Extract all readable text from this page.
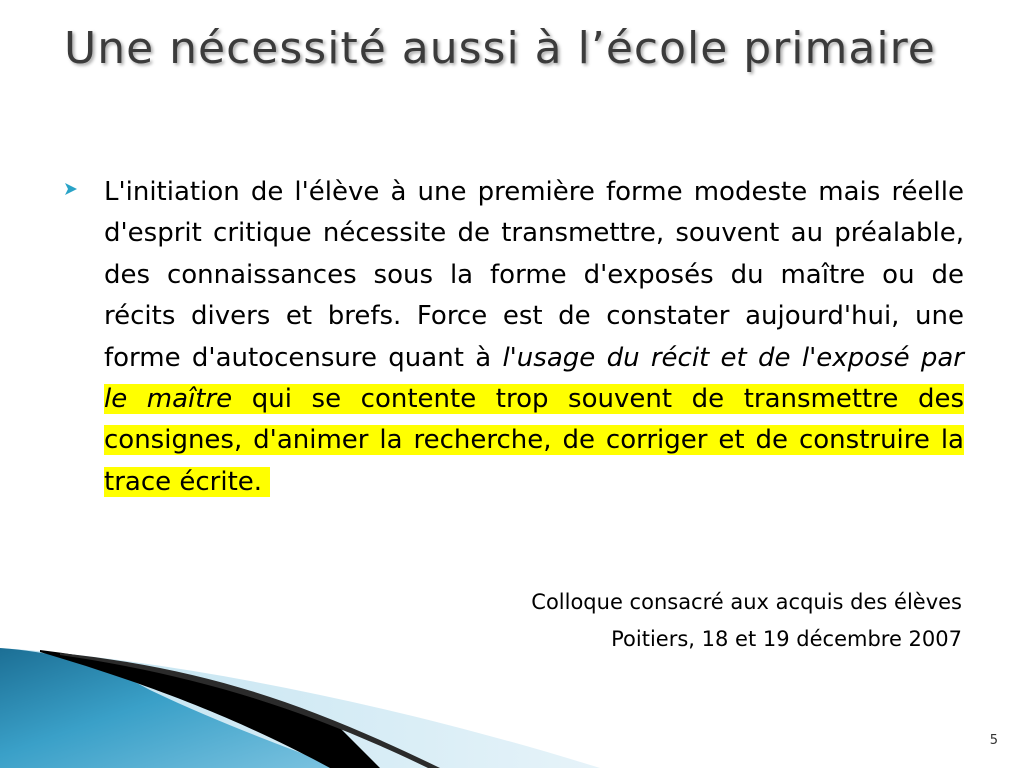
Une nécessité aussi à l’école primaire

L'initiation de l'élève à une première forme modeste mais réelle d'esprit critique nécessite de transmettre, souvent au préalable, des connaissances sous la forme d'exposés du maître ou de récits divers et brefs. Force est de constater aujourd'hui, une forme d'autocensure quant à l'usage du récit et de l'exposé par le maître qui se contente trop souvent de transmettre des consignes, d'animer la recherche, de corriger et de construire la trace écrite.

Colloque consacré aux acquis des élèves

Poitiers, 18 et 19 décembre 2007

5
